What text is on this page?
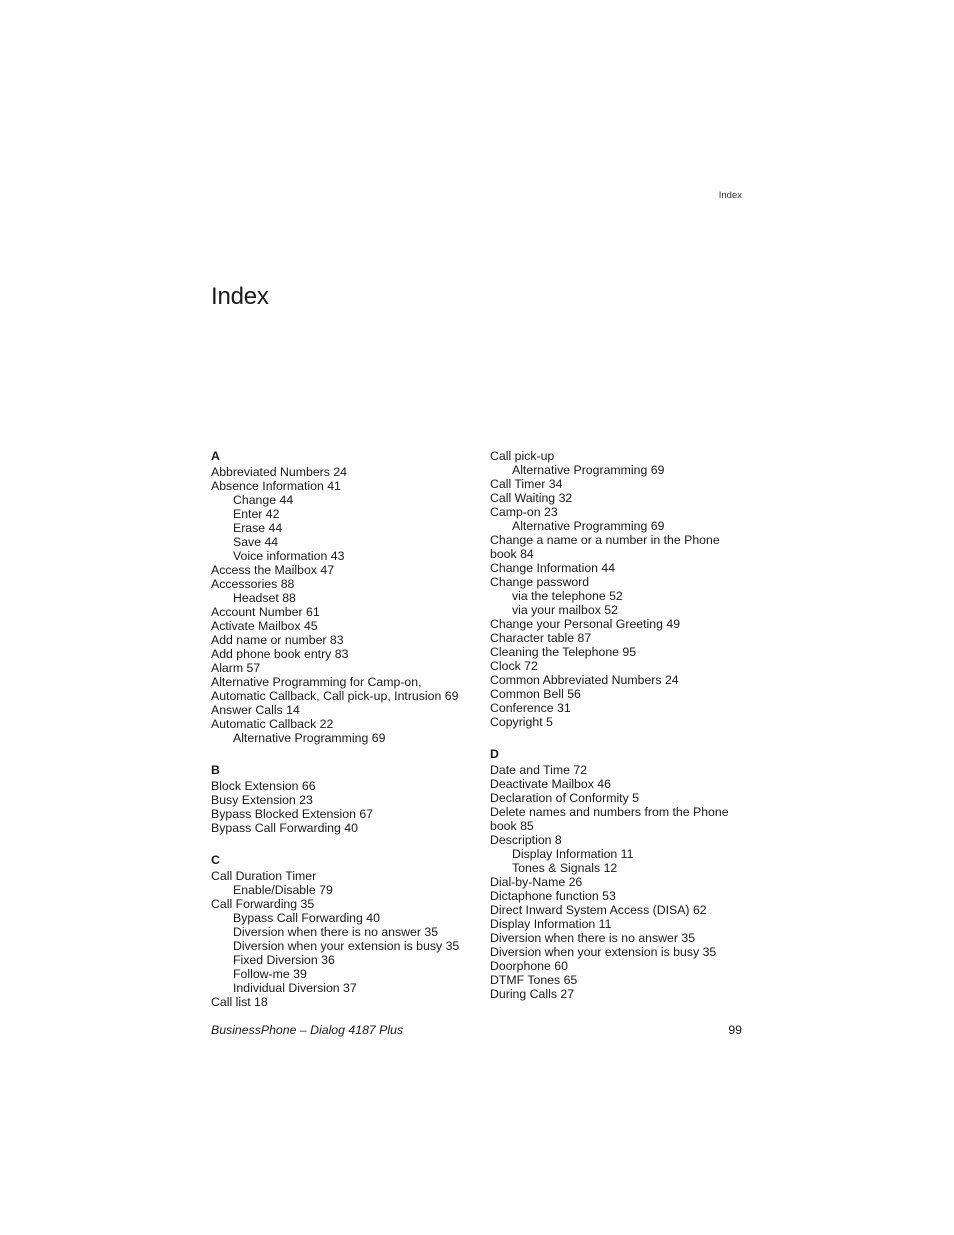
Index
Index
A
Abbreviated Numbers 24
Absence Information 41
Change 44
Enter 42
Erase 44
Save 44
Voice information 43
Access the Mailbox 47
Accessories 88
Headset 88
Account Number 61
Activate Mailbox 45
Add name or number 83
Add phone book entry 83
Alarm 57
Alternative Programming for Camp-on,
Automatic Callback, Call pick-up, Intrusion 69
Answer Calls 14
Automatic Callback 22
Alternative Programming 69
B
Block Extension 66
Busy Extension 23
Bypass Blocked Extension 67
Bypass Call Forwarding 40
C
Call Duration Timer
Enable/Disable 79
Call Forwarding 35
Bypass Call Forwarding 40
Diversion when there is no answer 35
Diversion when your extension is busy 35
Fixed Diversion 36
Follow-me 39
Individual Diversion 37
Call list 18
Call pick-up
Alternative Programming 69
Call Timer 34
Call Waiting 32
Camp-on 23
Alternative Programming 69
Change a name or a number in the Phone
book 84
Change Information 44
Change password
via the telephone 52
via your mailbox 52
Change your Personal Greeting 49
Character table 87
Cleaning the Telephone 95
Clock 72
Common Abbreviated Numbers 24
Common Bell 56
Conference 31
Copyright 5
D
Date and Time 72
Deactivate Mailbox 46
Declaration of Conformity 5
Delete names and numbers from the Phone
book 85
Description 8
Display Information 11
Tones & Signals 12
Dial-by-Name 26
Dictaphone function 53
Direct Inward System Access (DISA) 62
Display Information 11
Diversion when there is no answer 35
Diversion when your extension is busy 35
Doorphone 60
DTMF Tones 65
During Calls 27
BusinessPhone – Dialog 4187 Plus	99
